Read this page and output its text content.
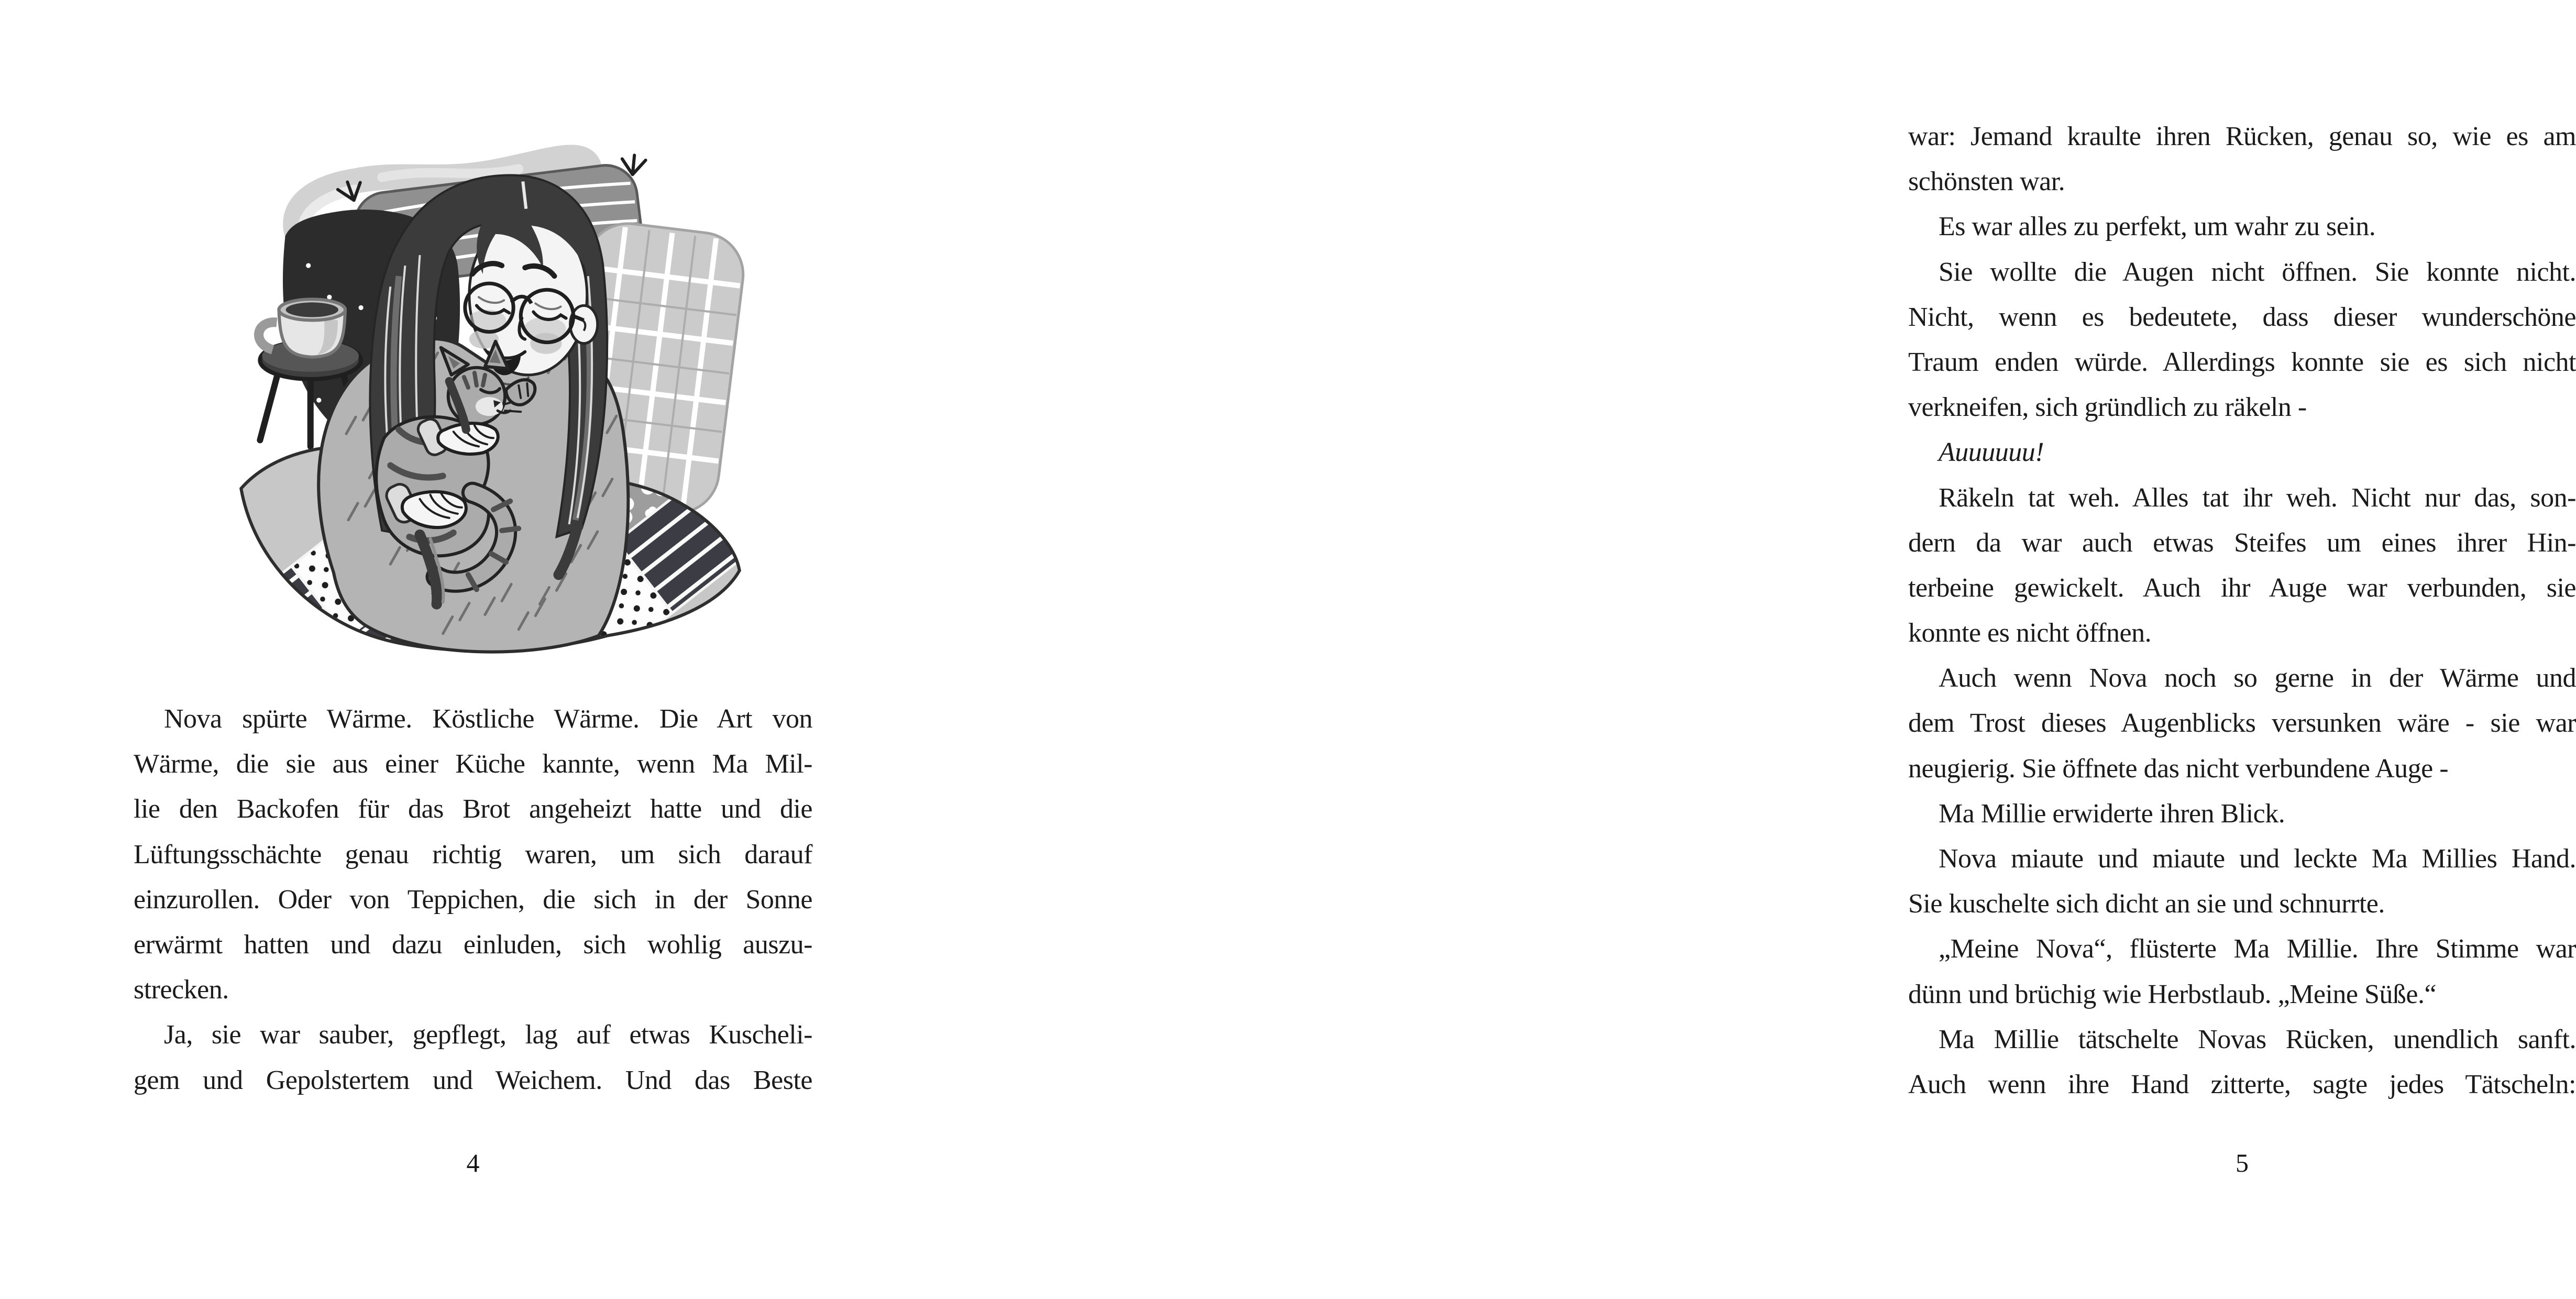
Nova spürte Wärme. Köstliche Wärme. Die Art von
Wärme, die sie aus einer Küche kannte, wenn Ma Mil-
lie den Backofen für das Brot angeheizt hatte und die
Lüftungsschächte genau richtig waren, um sich darauf
einzurollen. Oder von Teppichen, die sich in der Sonne
erwärmt hatten und dazu einluden, sich wohlig auszu-
strecken.
Ja, sie war sauber, gepflegt, lag auf etwas Kuscheli-
gem und Gepolstertem und Weichem. Und das Beste
4
war: Jemand kraulte ihren Rücken, genau so, wie es am
schönsten war.
Es war alles zu perfekt, um wahr zu sein.
Sie wollte die Augen nicht öffnen. Sie konnte nicht.
Nicht, wenn es bedeutete, dass dieser wunderschöne
Traum enden würde. Allerdings konnte sie es sich nicht
verkneifen, sich gründlich zu räkeln -
Auuuuuu!
Räkeln tat weh. Alles tat ihr weh. Nicht nur das, son-
dern da war auch etwas Steifes um eines ihrer Hin-
terbeine gewickelt. Auch ihr Auge war verbunden, sie
konnte es nicht öffnen.
Auch wenn Nova noch so gerne in der Wärme und
dem Trost dieses Augenblicks versunken wäre - sie war
neugierig. Sie öffnete das nicht verbundene Auge -
Ma Millie erwiderte ihren Blick.
Nova miaute und miaute und leckte Ma Millies Hand.
Sie kuschelte sich dicht an sie und schnurrte.
„Meine Nova“, flüsterte Ma Millie. Ihre Stimme war
dünn und brüchig wie Herbstlaub. „Meine Süße.“
Ma Millie tätschelte Novas Rücken, unendlich sanft.
Auch wenn ihre Hand zitterte, sagte jedes Tätscheln:
5
